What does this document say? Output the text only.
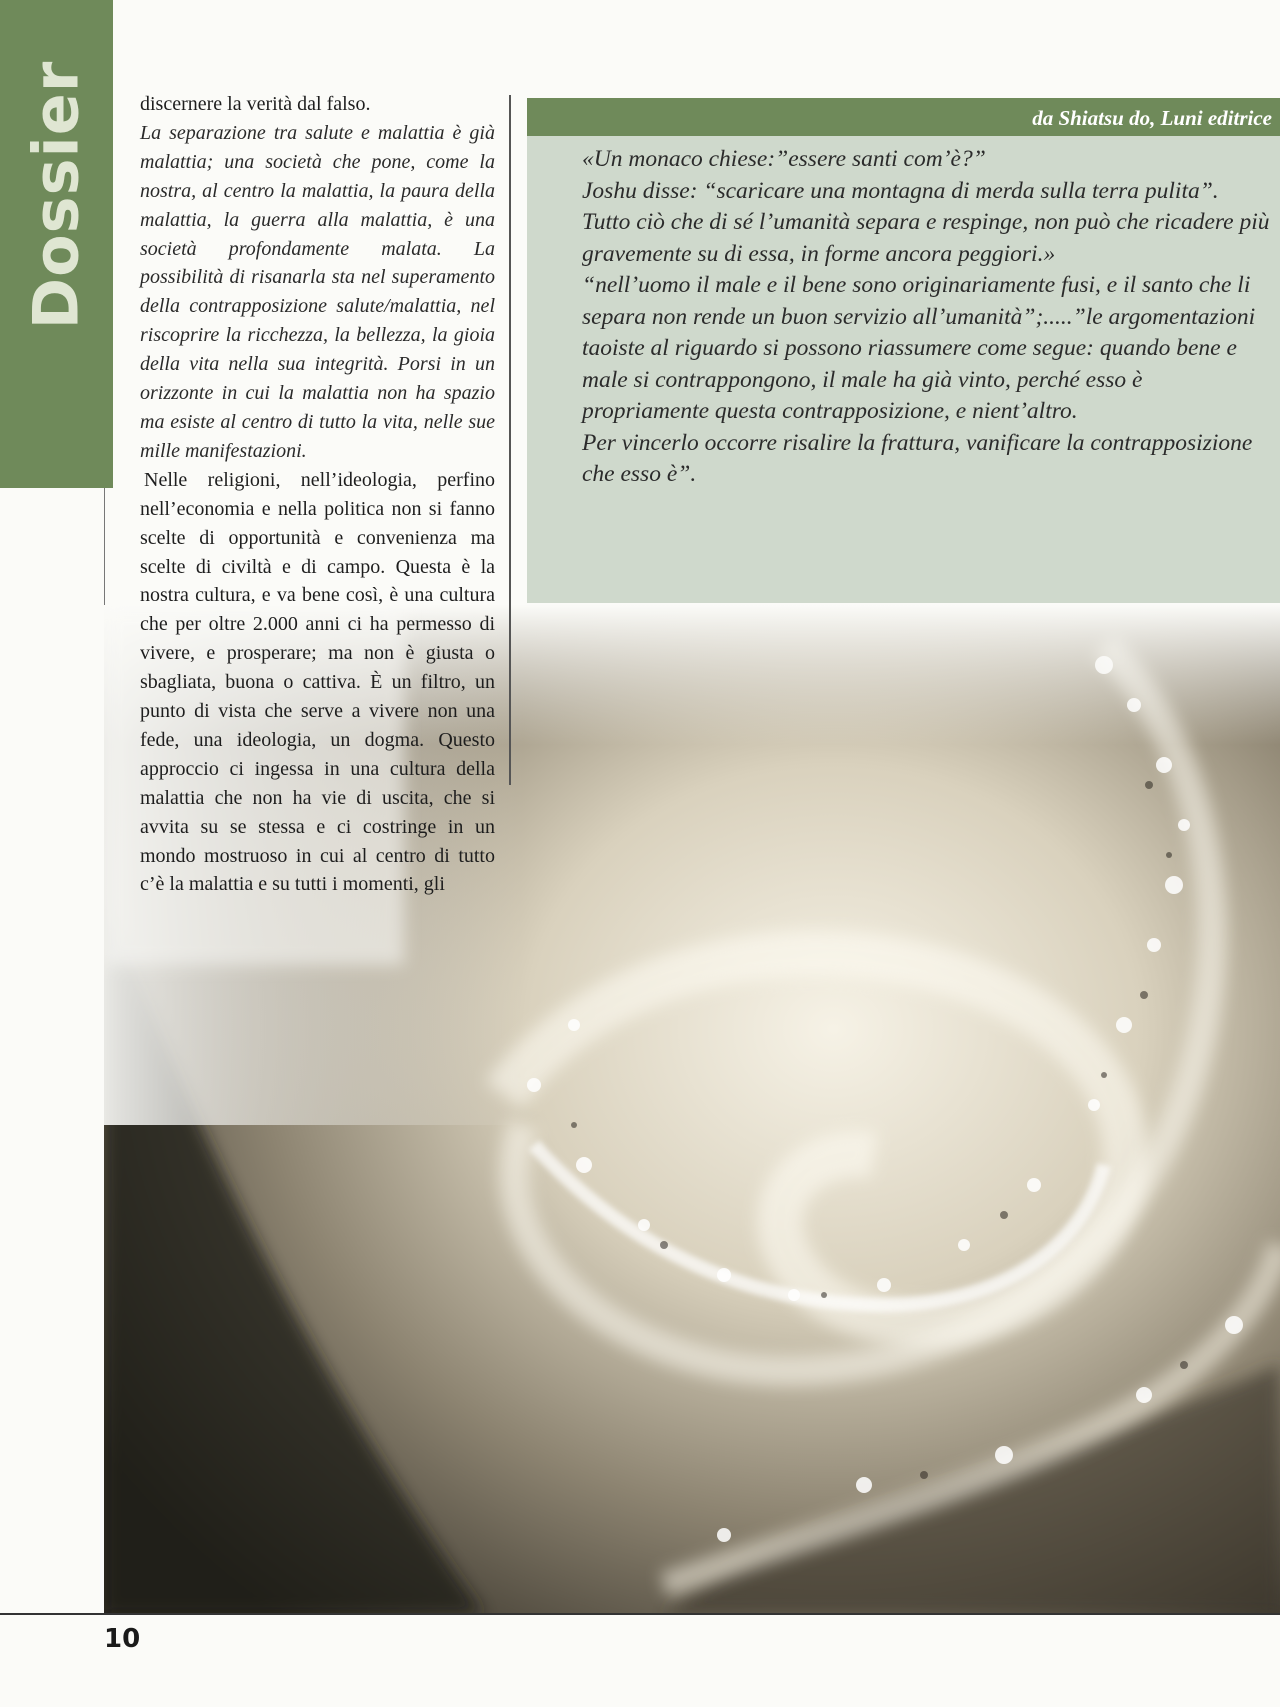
Dossier discernere la verità dal falso.

La separazione tra salute e malattia è già malattia; una società che pone, come la nostra, al centro la malattia, la paura della malattia, la guerra alla malattia, è una società profondamente malata. La possibilità di risanarla sta nel superamento della contrapposizione salute/malattia, nel riscoprire la ricchezza, la bellezza, la gioia della vita nella sua integrità. Porsi in un orizzonte in cui la malattia non ha spazio ma esiste al centro di tutto la vita, nelle sue mille manifestazioni.

Nelle religioni, nell’ideologia, perfino nell’economia e nella politica non si fanno scelte di opportunità e convenienza ma scelte di civiltà e di campo. Questa è la nostra cultura, e va bene così, è una cultura che per oltre 2.000 anni ci ha permesso di vivere, e prosperare; ma non è giusta o sbagliata, buona o cattiva. È un filtro, un punto di vista che serve a vivere non una fede, una ideologia, un dogma. Questo approccio ci ingessa in una cultura della malattia che non ha vie di uscita, che si avvita su se stessa e ci costringe in un mondo mostruoso in cui al centro di tutto c’è la malattia e su tutti i momenti, gli

da Shiatsu do, Luni editrice

«Un monaco chiese:”essere santi com’è?”

Joshu disse: “scaricare una montagna di merda sulla terra pulita”.

Tutto ciò che di sé l’umanità separa e respinge, non può che ricadere più gravemente su di essa, in forme ancora peggiori.»

“nell’uomo il male e il bene sono originariamente fusi, e il santo che li separa non rende un buon servizio all’umanità”;.....”le argomentazioni taoiste al riguardo si possono riassumere come segue: quando bene e male si contrappongono, il male ha già vinto, perché esso è propriamente questa contrapposizione, e nient’altro.

Per vincerlo occorre risalire la frattura, vanificare la contrapposizione che esso è”.

10
